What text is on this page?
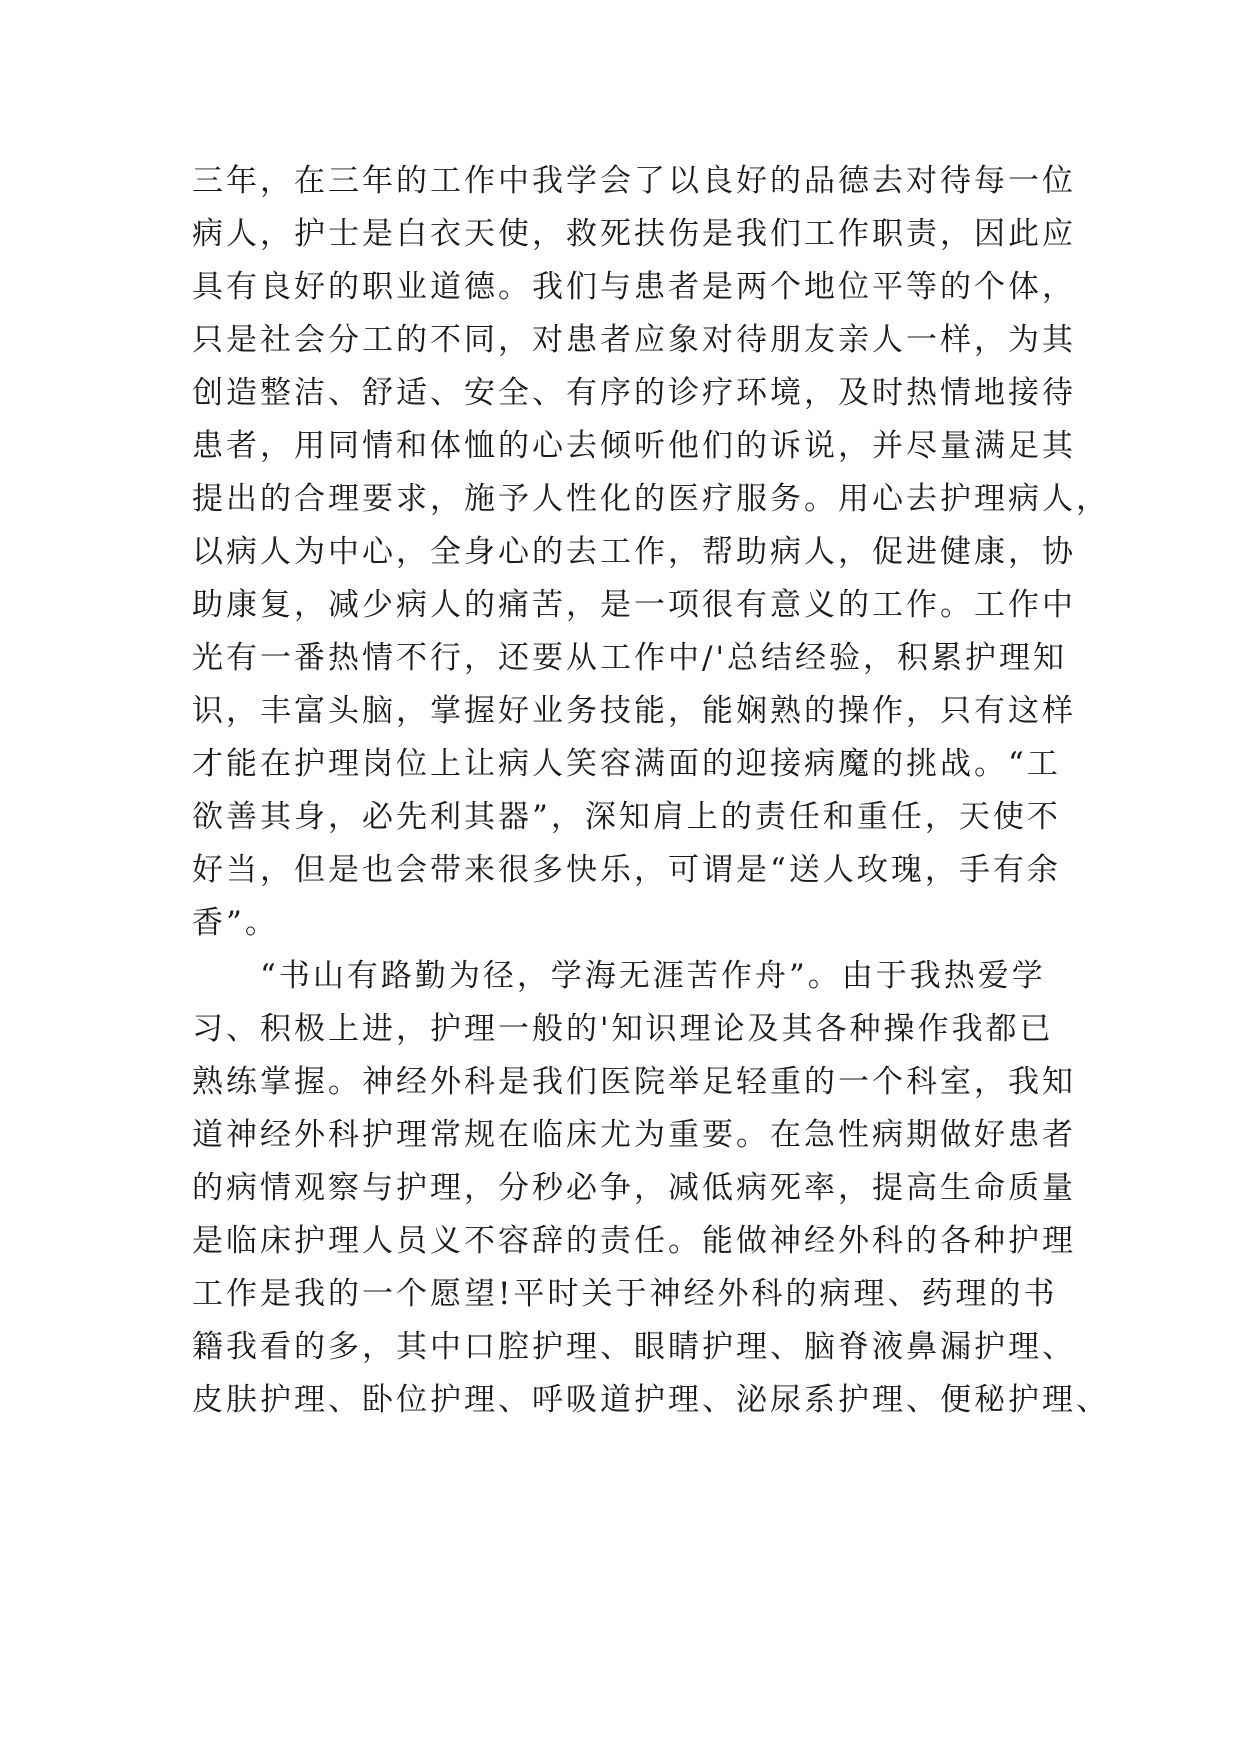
三年，在三年的工作中我学会了以良好的品德去对待每一位
病人，护士是白衣天使，救死扶伤是我们工作职责，因此应
具有良好的职业道德。我们与患者是两个地位平等的个体，
只是社会分工的不同，对患者应象对待朋友亲人一样，为其
创造整洁、舒适、安全、有序的诊疗环境，及时热情地接待
患者，用同情和体恤的心去倾听他们的诉说，并尽量满足其
提出的合理要求，施予人性化的医疗服务。用心去护理病人，
以病人为中心，全身心的去工作，帮助病人，促进健康，协
助康复，减少病人的痛苦，是一项很有意义的工作。工作中
光有一番热情不行，还要从工作中/'总结经验，积累护理知
识，丰富头脑，掌握好业务技能，能娴熟的操作，只有这样
才能在护理岗位上让病人笑容满面的迎接病魔的挑战。“工
欲善其身，必先利其器”，深知肩上的责任和重任，天使不
好当，但是也会带来很多快乐，可谓是“送人玫瑰，手有余
香”。
　　“书山有路勤为径，学海无涯苦作舟”。由于我热爱学
习、积极上进，护理一般的'知识理论及其各种操作我都已
熟练掌握。神经外科是我们医院举足轻重的一个科室，我知
道神经外科护理常规在临床尤为重要。在急性病期做好患者
的病情观察与护理，分秒必争，减低病死率，提高生命质量
是临床护理人员义不容辞的责任。能做神经外科的各种护理
工作是我的一个愿望!平时关于神经外科的病理、药理的书
籍我看的多，其中口腔护理、眼睛护理、脑脊液鼻漏护理、
皮肤护理、卧位护理、呼吸道护理、泌尿系护理、便秘护理、
